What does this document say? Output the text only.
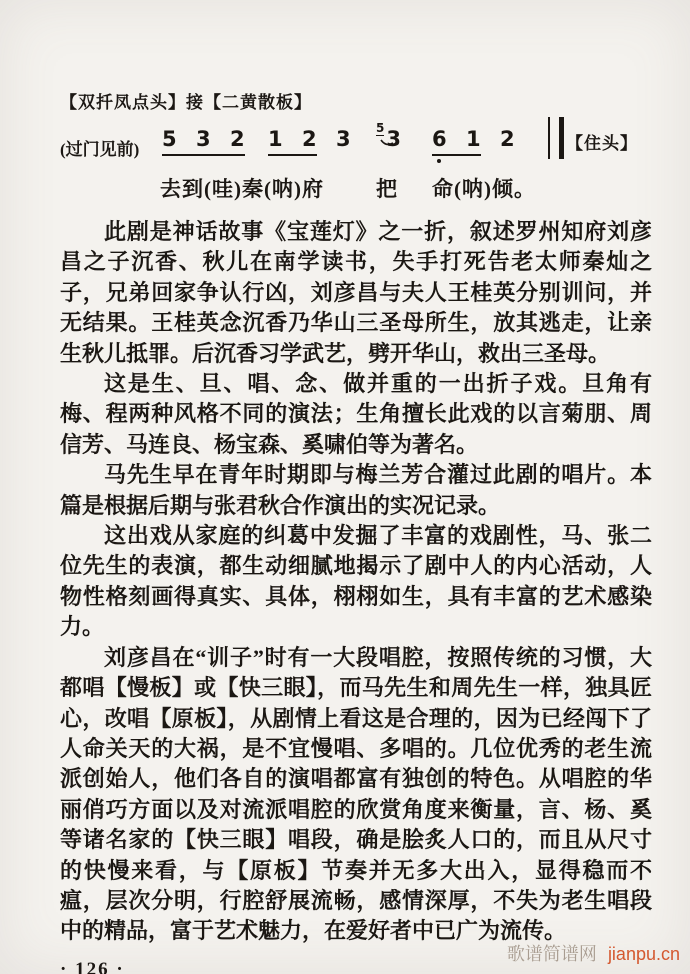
【双扦凤点头】接【二黄散板】
(过门见前) 5 3 2 1 2 3 $^5$
3 6 1 2	【住头】
去到(哇)秦(呐)府 把 命(呐)倾。

此剧是神话故事《宝莲灯》之一折，叙述罗州知府刘彦昌之子沉香、秋儿在南学读书，失手打死告老太师秦灿之子，兄弟回家争认行凶，刘彦昌与夫人王桂英分别训问，并无结果。王桂英念沉香乃华山三圣母所生，放其逃走，让亲生秋儿抵罪。后沉香习学武艺，劈开华山，救出三圣母。

这是生、旦、唱、念、做并重的一出折子戏。旦角有梅、程两种风格不同的演法；生角擅长此戏的以言菊朋、周信芳、马连良、杨宝森、奚啸伯等为著名。

马先生早在青年时期即与梅兰芳合灌过此剧的唱片。本篇是根据后期与张君秋合作演出的实况记录。

这出戏从家庭的纠葛中发掘了丰富的戏剧性，马、张二位先生的表演，都生动细腻地揭示了剧中人的内心活动，人物性格刻画得真实、具体，栩栩如生，具有丰富的艺术感染力。

刘彦昌在“训子”时有一大段唱腔，按照传统的习惯，大都唱【慢板】或【快三眼】，而马先生和周先生一样，独具匠心，改唱【原板】，从剧情上看这是合理的，因为已经闯下了人命关天的大祸，是不宜慢唱、多唱的。几位优秀的老生流派创始人，他们各自的演唱都富有独创的特色。从唱腔的华丽俏巧方面以及对流派唱腔的欣赏角度来衡量，言、杨、奚等诸名家的【快三眼】唱段，确是脍炙人口的，而且从尺寸的快慢来看，与【原板】节奏并无多大出入，显得稳而不瘟，层次分明，行腔舒展流畅，感情深厚，不失为老生唱段中的精品，富于艺术魅力，在爱好者中已广为流传。

· 126 ·
歌谱简谱网 jianpu.cn
